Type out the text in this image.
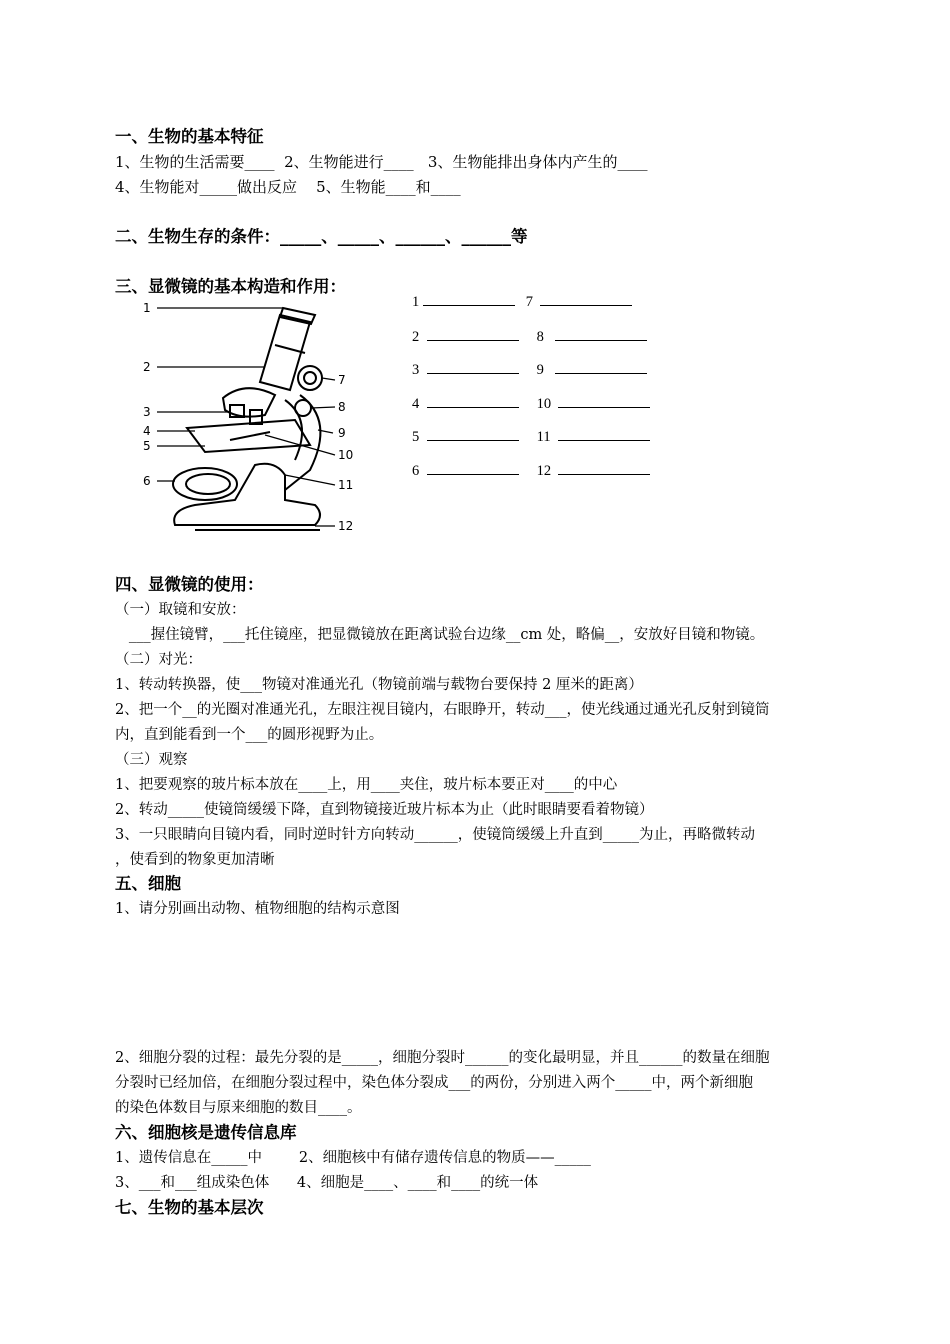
一、生物的基本特征
1、生物的生活需要____  2、生物能进行____   3、生物能排出身体内产生的____
4、生物能对_____做出反应    5、生物能____和____
二、生物生存的条件：_____、_____、______、______等
三、显微镜的基本构造和作用：
1
2
3
4
5
6
7
8
9
10
11
12
1	7
2	8
3	9
4	10
5	11
6	12
四、显微镜的使用：
（一）取镜和安放：
___握住镜臂，___托住镜座，把显微镜放在距离试验台边缘__cm 处，略偏__，安放好目镜和物镜。
（二）对光：
1、转动转换器，使___物镜对准通光孔（物镜前端与载物台要保持 2 厘米的距离）
2、把一个__的光圈对准通光孔，左眼注视目镜内，右眼睁开，转动___，使光线通过通光孔反射到镜筒
内，直到能看到一个___的圆形视野为止。
（三）观察
1、把要观察的玻片标本放在____上，用____夹住，玻片标本要正对____的中心
2、转动_____使镜筒缓缓下降，直到物镜接近玻片标本为止（此时眼睛要看着物镜）
3、一只眼睛向目镜内看，同时逆时针方向转动______，使镜筒缓缓上升直到_____为止，再略微转动
，使看到的物象更加清晰
五、细胞
1、请分别画出动物、植物细胞的结构示意图
2、细胞分裂的过程：最先分裂的是_____，细胞分裂时______的变化最明显，并且______的数量在细胞
分裂时已经加倍，在细胞分裂过程中，染色体分裂成___的两份，分别进入两个_____中，两个新细胞
的染色体数目与原来细胞的数目____。
六、细胞核是遗传信息库
1、遗传信息在_____中        2、细胞核中有储存遗传信息的物质——_____
3、___和___组成染色体      4、细胞是____、____和____的统一体
七、生物的基本层次
